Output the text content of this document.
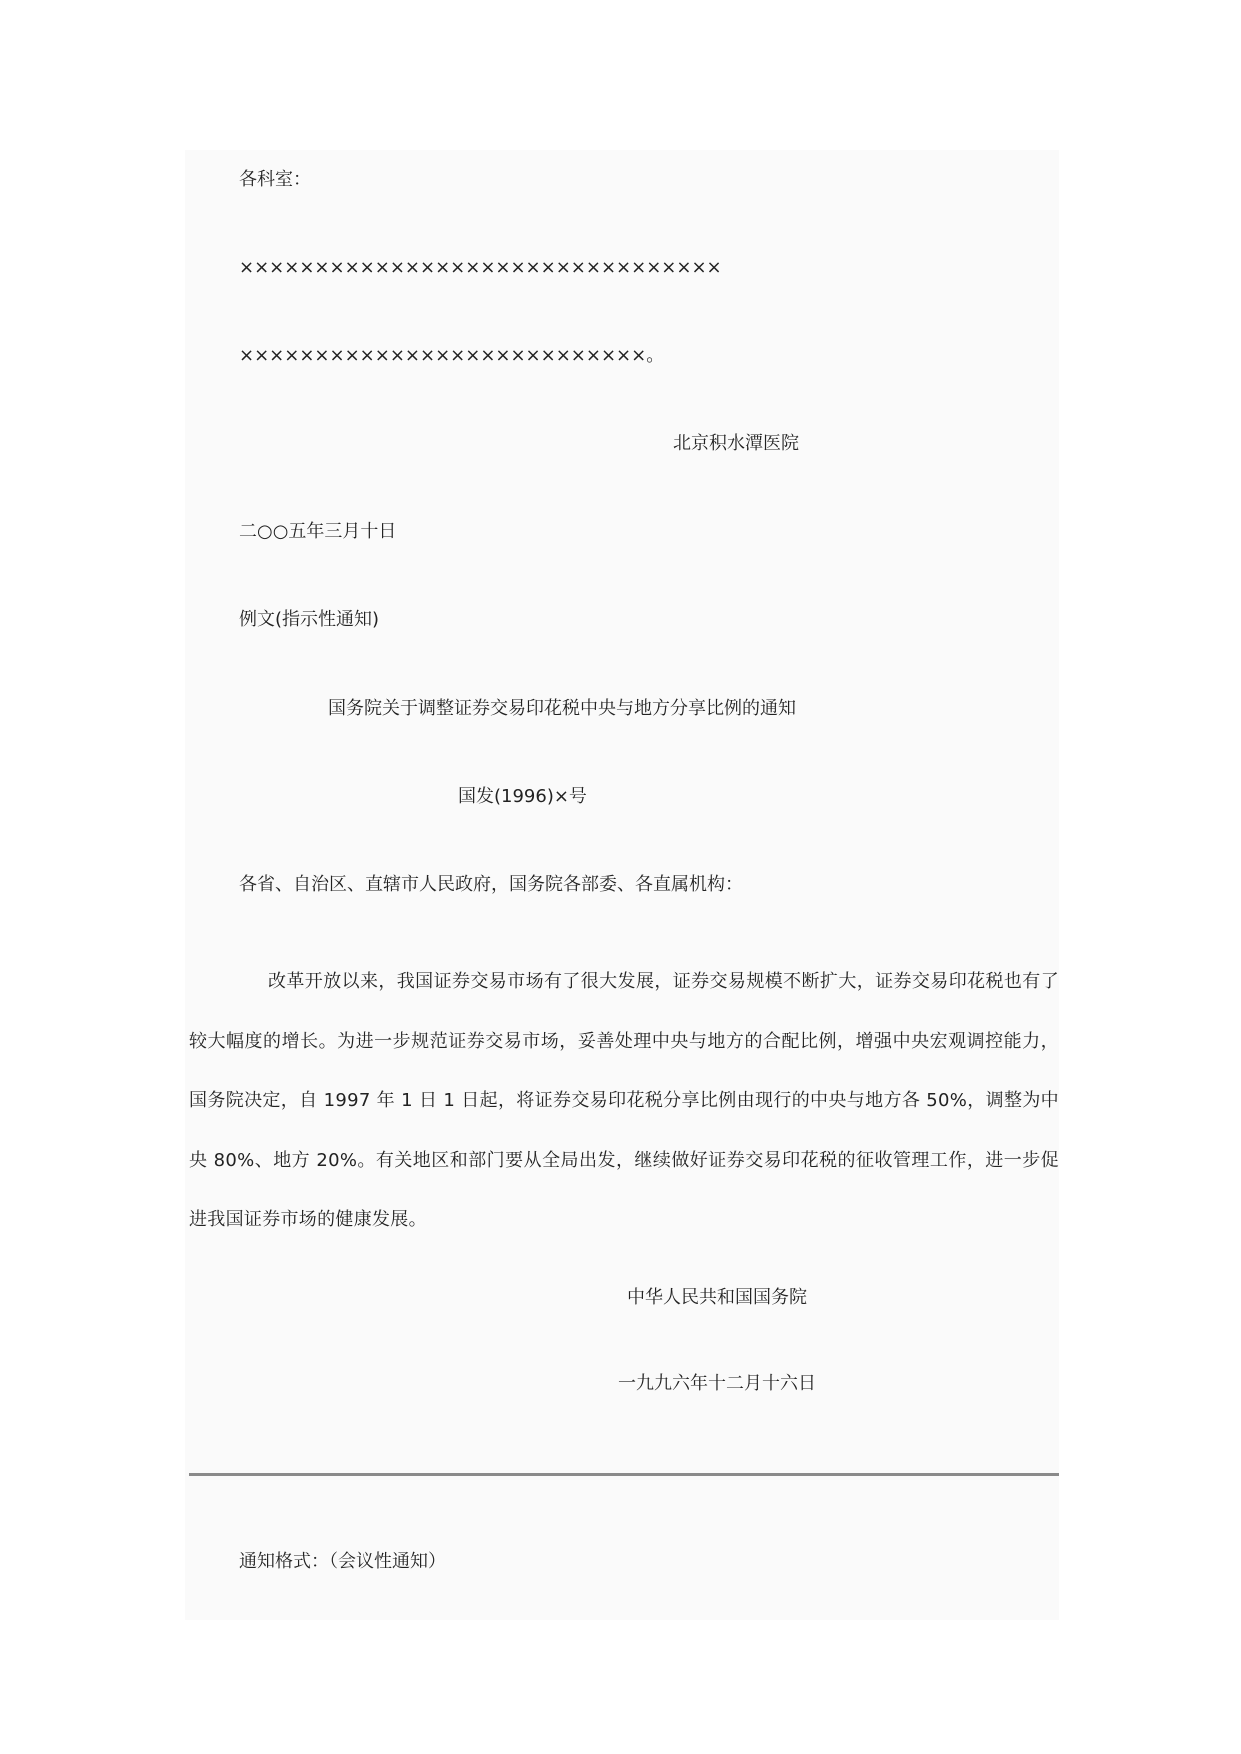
各科室：

××××××××××××××××××××××××××××××××

×××××××××××××××××××××××××××。

北京积水潭医院

二○○五年三月十日

例文(指示性通知)

国务院关于调整证券交易印花税中央与地方分享比例的通知

国发(1996)×号

各省、自治区、直辖市人民政府，国务院各部委、各直属机构：

改革开放以来，我国证券交易市场有了很大发展，证券交易规模不断扩大，证券交易印花税也有了较大幅度的增长。为进一步规范证券交易市场，妥善处理中央与地方的合配比例，增强中央宏观调控能力，国务院决定，自 1997 年 1 日 1 日起，将证券交易印花税分享比例由现行的中央与地方各 50%，调整为中央 80%、地方 20%。有关地区和部门要从全局出发，继续做好证券交易印花税的征收管理工作，进一步促进我国证券市场的健康发展。

中华人民共和国国务院

一九九六年十二月十六日

通知格式：（会议性通知）
